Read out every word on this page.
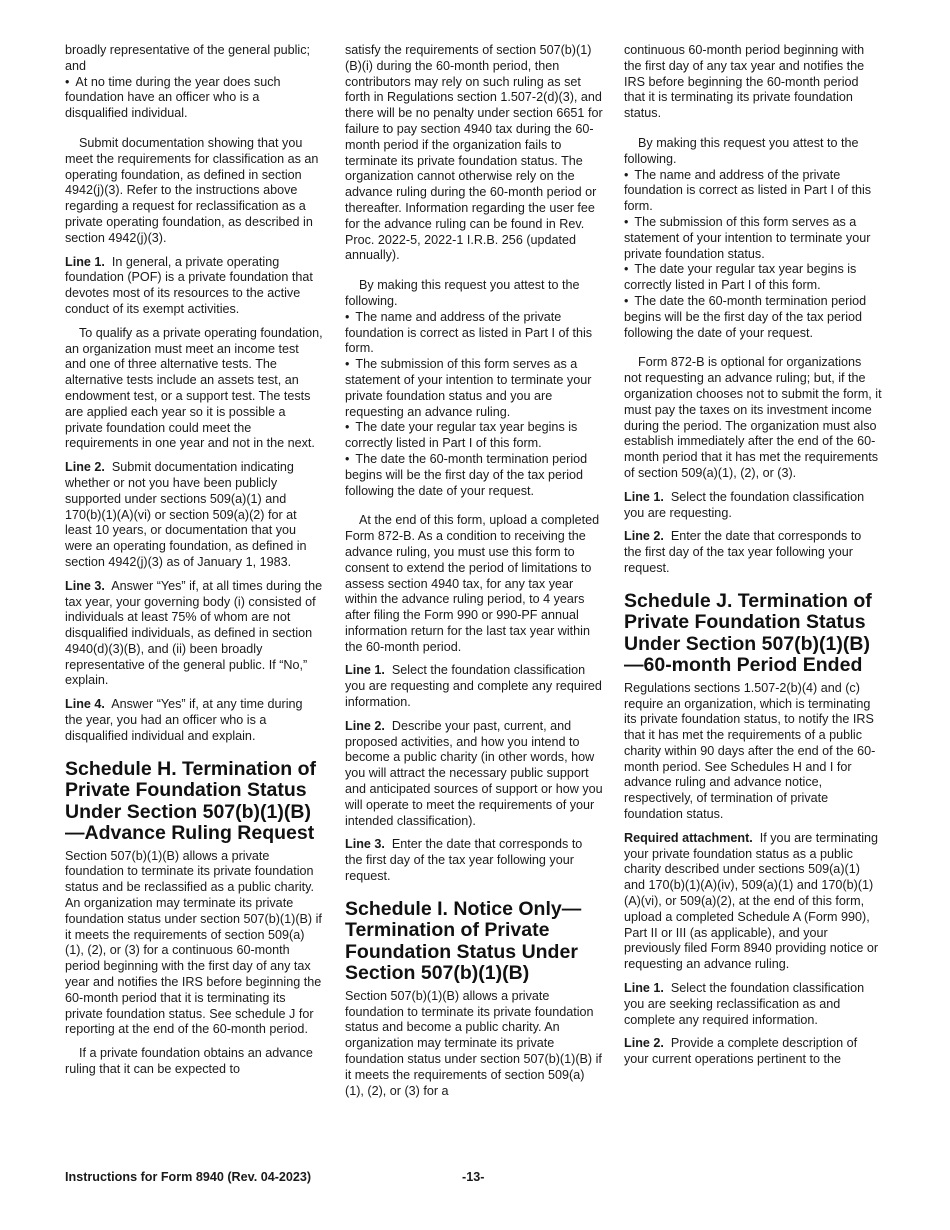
broadly representative of the general public; and

• At no time during the year does such foundation have an officer who is a disqualified individual.

Submit documentation showing that you meet the requirements for classification as an operating foundation, as defined in section 4942(j)(3). Refer to the instructions above regarding a request for reclassification as a private operating foundation, as described in section 4942(j)(3).

Line 1. In general, a private operating foundation (POF) is a private foundation that devotes most of its resources to the active conduct of its exempt activities.

To qualify as a private operating foundation, an organization must meet an income test and one of three alternative tests. The alternative tests include an assets test, an endowment test, or a support test. The tests are applied each year so it is possible a private foundation could meet the requirements in one year and not in the next.

Line 2. Submit documentation indicating whether or not you have been publicly supported under sections 509(a)(1) and 170(b)(1)(A)(vi) or section 509(a)(2) for at least 10 years, or documentation that you were an operating foundation, as defined in section 4942(j)(3) as of January 1, 1983.

Line 3. Answer “Yes” if, at all times during the tax year, your governing body (i) consisted of individuals at least 75% of whom are not disqualified individuals, as defined in section 4940(d)(3)(B), and (ii) been broadly representative of the general public. If “No,” explain.

Line 4. Answer “Yes” if, at any time during the year, you had an officer who is a disqualified individual and explain.

Schedule H. Termination of Private Foundation Status Under Section 507(b)(1)(B)—Advance Ruling Request

Section 507(b)(1)(B) allows a private foundation to terminate its private foundation status and be reclassified as a public charity. An organization may terminate its private foundation status under section 507(b)(1)(B) if it meets the requirements of section 509(a)(1), (2), or (3) for a continuous 60-month period beginning with the first day of any tax year and notifies the IRS before beginning the 60-month period that it is terminating its private foundation status. See schedule J for reporting at the end of the 60-month period.

If a private foundation obtains an advance ruling that it can be expected to

satisfy the requirements of section 507(b)(1)(B)(i) during the 60-month period, then contributors may rely on such ruling as set forth in Regulations section 1.507-2(d)(3), and there will be no penalty under section 6651 for failure to pay section 4940 tax during the 60-month period if the organization fails to terminate its private foundation status. The organization cannot otherwise rely on the advance ruling during the 60-month period or thereafter. Information regarding the user fee for the advance ruling can be found in Rev. Proc. 2022-5, 2022-1 I.R.B. 256 (updated annually).

By making this request you attest to the following.

• The name and address of the private foundation is correct as listed in Part I of this form.

• The submission of this form serves as a statement of your intention to terminate your private foundation status and you are requesting an advance ruling.

• The date your regular tax year begins is correctly listed in Part I of this form.

• The date the 60-month termination period begins will be the first day of the tax period following the date of your request.

At the end of this form, upload a completed Form 872-B. As a condition to receiving the advance ruling, you must use this form to consent to extend the period of limitations to assess section 4940 tax, for any tax year within the advance ruling period, to 4 years after filing the Form 990 or 990-PF annual information return for the last tax year within the 60-month period.

Line 1. Select the foundation classification you are requesting and complete any required information.

Line 2. Describe your past, current, and proposed activities, and how you intend to become a public charity (in other words, how you will attract the necessary public support and anticipated sources of support or how you will operate to meet the requirements of your intended classification).

Line 3. Enter the date that corresponds to the first day of the tax year following your request.

Schedule I. Notice Only—Termination of Private Foundation Status Under Section 507(b)(1)(B)

Section 507(b)(1)(B) allows a private foundation to terminate its private foundation status and become a public charity. An organization may terminate its private foundation status under section 507(b)(1)(B) if it meets the requirements of section 509(a)(1), (2), or (3) for a

continuous 60-month period beginning with the first day of any tax year and notifies the IRS before beginning the 60-month period that it is terminating its private foundation status.

By making this request you attest to the following.

• The name and address of the private foundation is correct as listed in Part I of this form.

• The submission of this form serves as a statement of your intention to terminate your private foundation status.

• The date your regular tax year begins is correctly listed in Part I of this form.

• The date the 60-month termination period begins will be the first day of the tax period following the date of your request.

Form 872-B is optional for organizations not requesting an advance ruling; but, if the organization chooses not to submit the form, it must pay the taxes on its investment income during the period. The organization must also establish immediately after the end of the 60-month period that it has met the requirements of section 509(a)(1), (2), or (3).

Line 1. Select the foundation classification you are requesting.

Line 2. Enter the date that corresponds to the first day of the tax year following your request.

Schedule J. Termination of Private Foundation Status Under Section 507(b)(1)(B)—60-month Period Ended

Regulations sections 1.507-2(b)(4) and (c) require an organization, which is terminating its private foundation status, to notify the IRS that it has met the requirements of a public charity within 90 days after the end of the 60-month period. See Schedules H and I for advance ruling and advance notice, respectively, of termination of private foundation status.

Required attachment. If you are terminating your private foundation status as a public charity described under sections 509(a)(1) and 170(b)(1)(A)(iv), 509(a)(1) and 170(b)(1)(A)(vi), or 509(a)(2), at the end of this form, upload a completed Schedule A (Form 990), Part II or III (as applicable), and your previously filed Form 8940 providing notice or requesting an advance ruling.

Line 1. Select the foundation classification you are seeking reclassification as and complete any required information.

Line 2. Provide a complete description of your current operations pertinent to the

Instructions for Form 8940 (Rev. 04-2023)	-13-
